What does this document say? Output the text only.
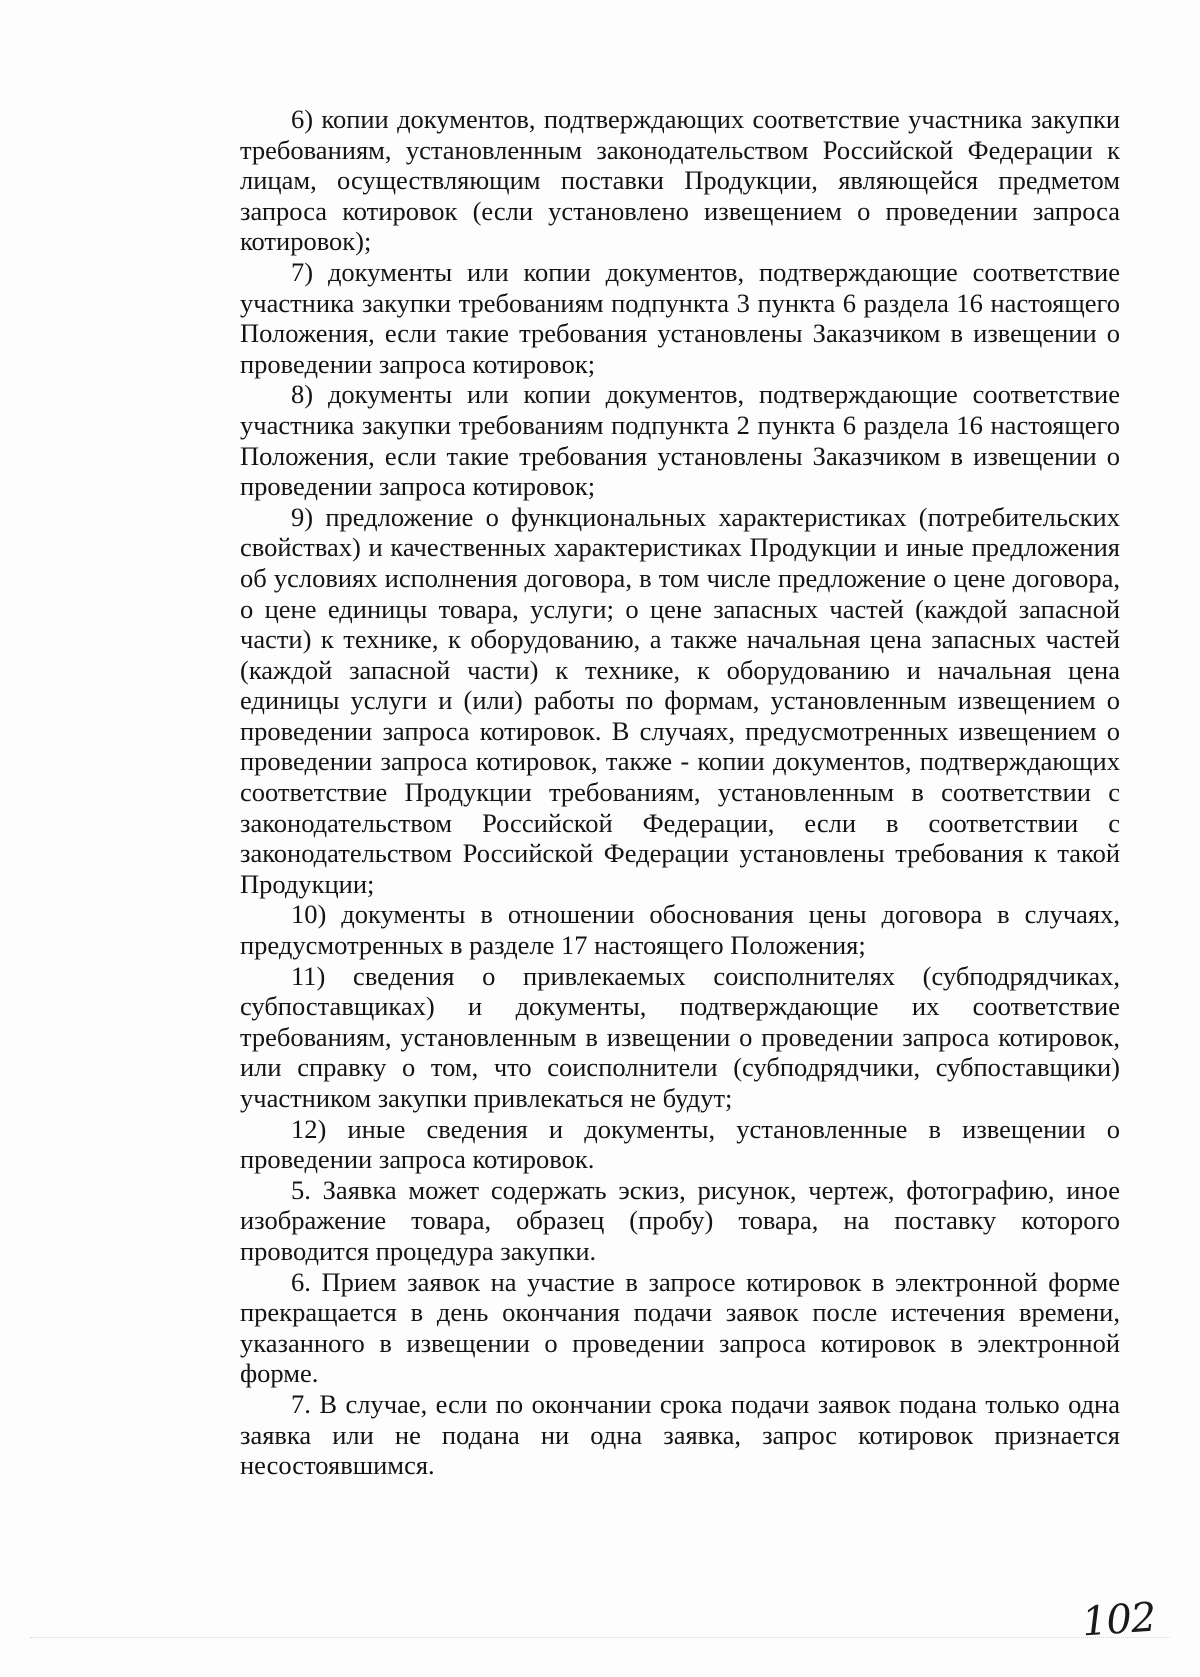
6) копии документов, подтверждающих соответствие участника закупки требованиям, установленным законодательством Российской Федерации к лицам, осуществляющим поставки Продукции, являющейся предметом запроса котировок (если установлено извещением о проведении запроса котировок);

7) документы или копии документов, подтверждающие соответствие участника закупки требованиям подпункта 3 пункта 6 раздела 16 настоящего Положения, если такие требования установлены Заказчиком в извещении о проведении запроса котировок;

8) документы или копии документов, подтверждающие соответствие участника закупки требованиям подпункта 2 пункта 6 раздела 16 настоящего Положения, если такие требования установлены Заказчиком в извещении о проведении запроса котировок;

9) предложение о функциональных характеристиках (потребительских свойствах) и качественных характеристиках Продукции и иные предложения об условиях исполнения договора, в том числе предложение о цене договора, о цене единицы товара, услуги; о цене запасных частей (каждой запасной части) к технике, к оборудованию, а также начальная цена запасных частей (каждой запасной части) к технике, к оборудованию и начальная цена единицы услуги и (или) работы по формам, установленным извещением о проведении запроса котировок. В случаях, предусмотренных извещением о проведении запроса котировок, также - копии документов, подтверждающих соответствие Продукции требованиям, установленным в соответствии с законодательством Российской Федерации, если в соответствии с законодательством Российской Федерации установлены требования к такой Продукции;

10) документы в отношении обоснования цены договора в случаях, предусмотренных в разделе 17 настоящего Положения;

11) сведения о привлекаемых соисполнителях (субподрядчиках, субпоставщиках) и документы, подтверждающие их соответствие требованиям, установленным в извещении о проведении запроса котировок, или справку о том, что соисполнители (субподрядчики, субпоставщики) участником закупки привлекаться не будут;

12) иные сведения и документы, установленные в извещении о проведении запроса котировок.

5. Заявка может содержать эскиз, рисунок, чертеж, фотографию, иное изображение товара, образец (пробу) товара, на поставку которого проводится процедура закупки.

6. Прием заявок на участие в запросе котировок в электронной форме прекращается в день окончания подачи заявок после истечения времени, указанного в извещении о проведении запроса котировок в электронной форме.

7. В случае, если по окончании срока подачи заявок подана только одна заявка или не подана ни одна заявка, запрос котировок признается несостоявшимся.

102
